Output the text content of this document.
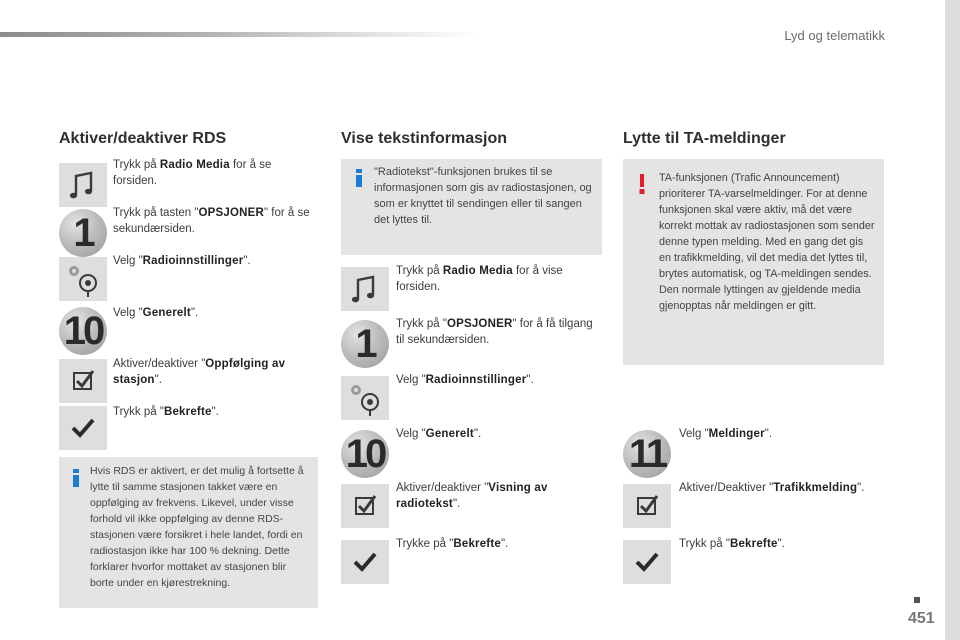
Lyd og telematikk
Aktiver/deaktiver RDS
Trykk på Radio Media for å se forsiden.
1	Trykk på tasten "OPSJONER" for å se sekundærsiden.
Velg "Radioinnstillinger".
10 Velg "Generelt".
Aktiver/deaktiver "Oppfølging av stasjon".
Trykk på "Bekrefte".
Hvis RDS er aktivert, er det mulig å fortsette å lytte til samme stasjonen takket være en oppfølging av frekvens. Likevel, under visse forhold vil ikke oppfølging av denne RDS-stasjonen være forsikret i hele landet, fordi en radiostasjon ikke har 100 % dekning. Dette forklarer hvorfor mottaket av stasjonen blir borte under en kjørestrekning.
Vise tekstinformasjon
"Radiotekst"-funksjonen brukes til se informasjonen som gis av radiostasjonen, og som er knyttet til sendingen eller til sangen det lyttes til.
Trykk på Radio Media for å vise forsiden.
1	Trykk på "OPSJONER" for å få tilgang til sekundærsiden.
Velg "Radioinnstillinger".
10	Velg "Generelt".
Aktiver/deaktiver "Visning av radiotekst".
Trykke på "Bekrefte".
Lytte til TA-meldinger
TA-funksjonen (Trafic Announcement) prioriterer TA-varselmeldinger. For at denne funksjonen skal være aktiv, må det være korrekt mottak av radiostasjonen som sender denne typen melding. Med en gang det gis en trafikkmelding, vil det media det lyttes til, brytes automatisk, og TA-meldingen sendes. Den normale lyttingen av gjeldende media gjenopptas når meldingen er gitt.
11	Velg "Meldinger".
Aktiver/Deaktiver "Trafikkmelding".
Trykk på "Bekrefte".
451
